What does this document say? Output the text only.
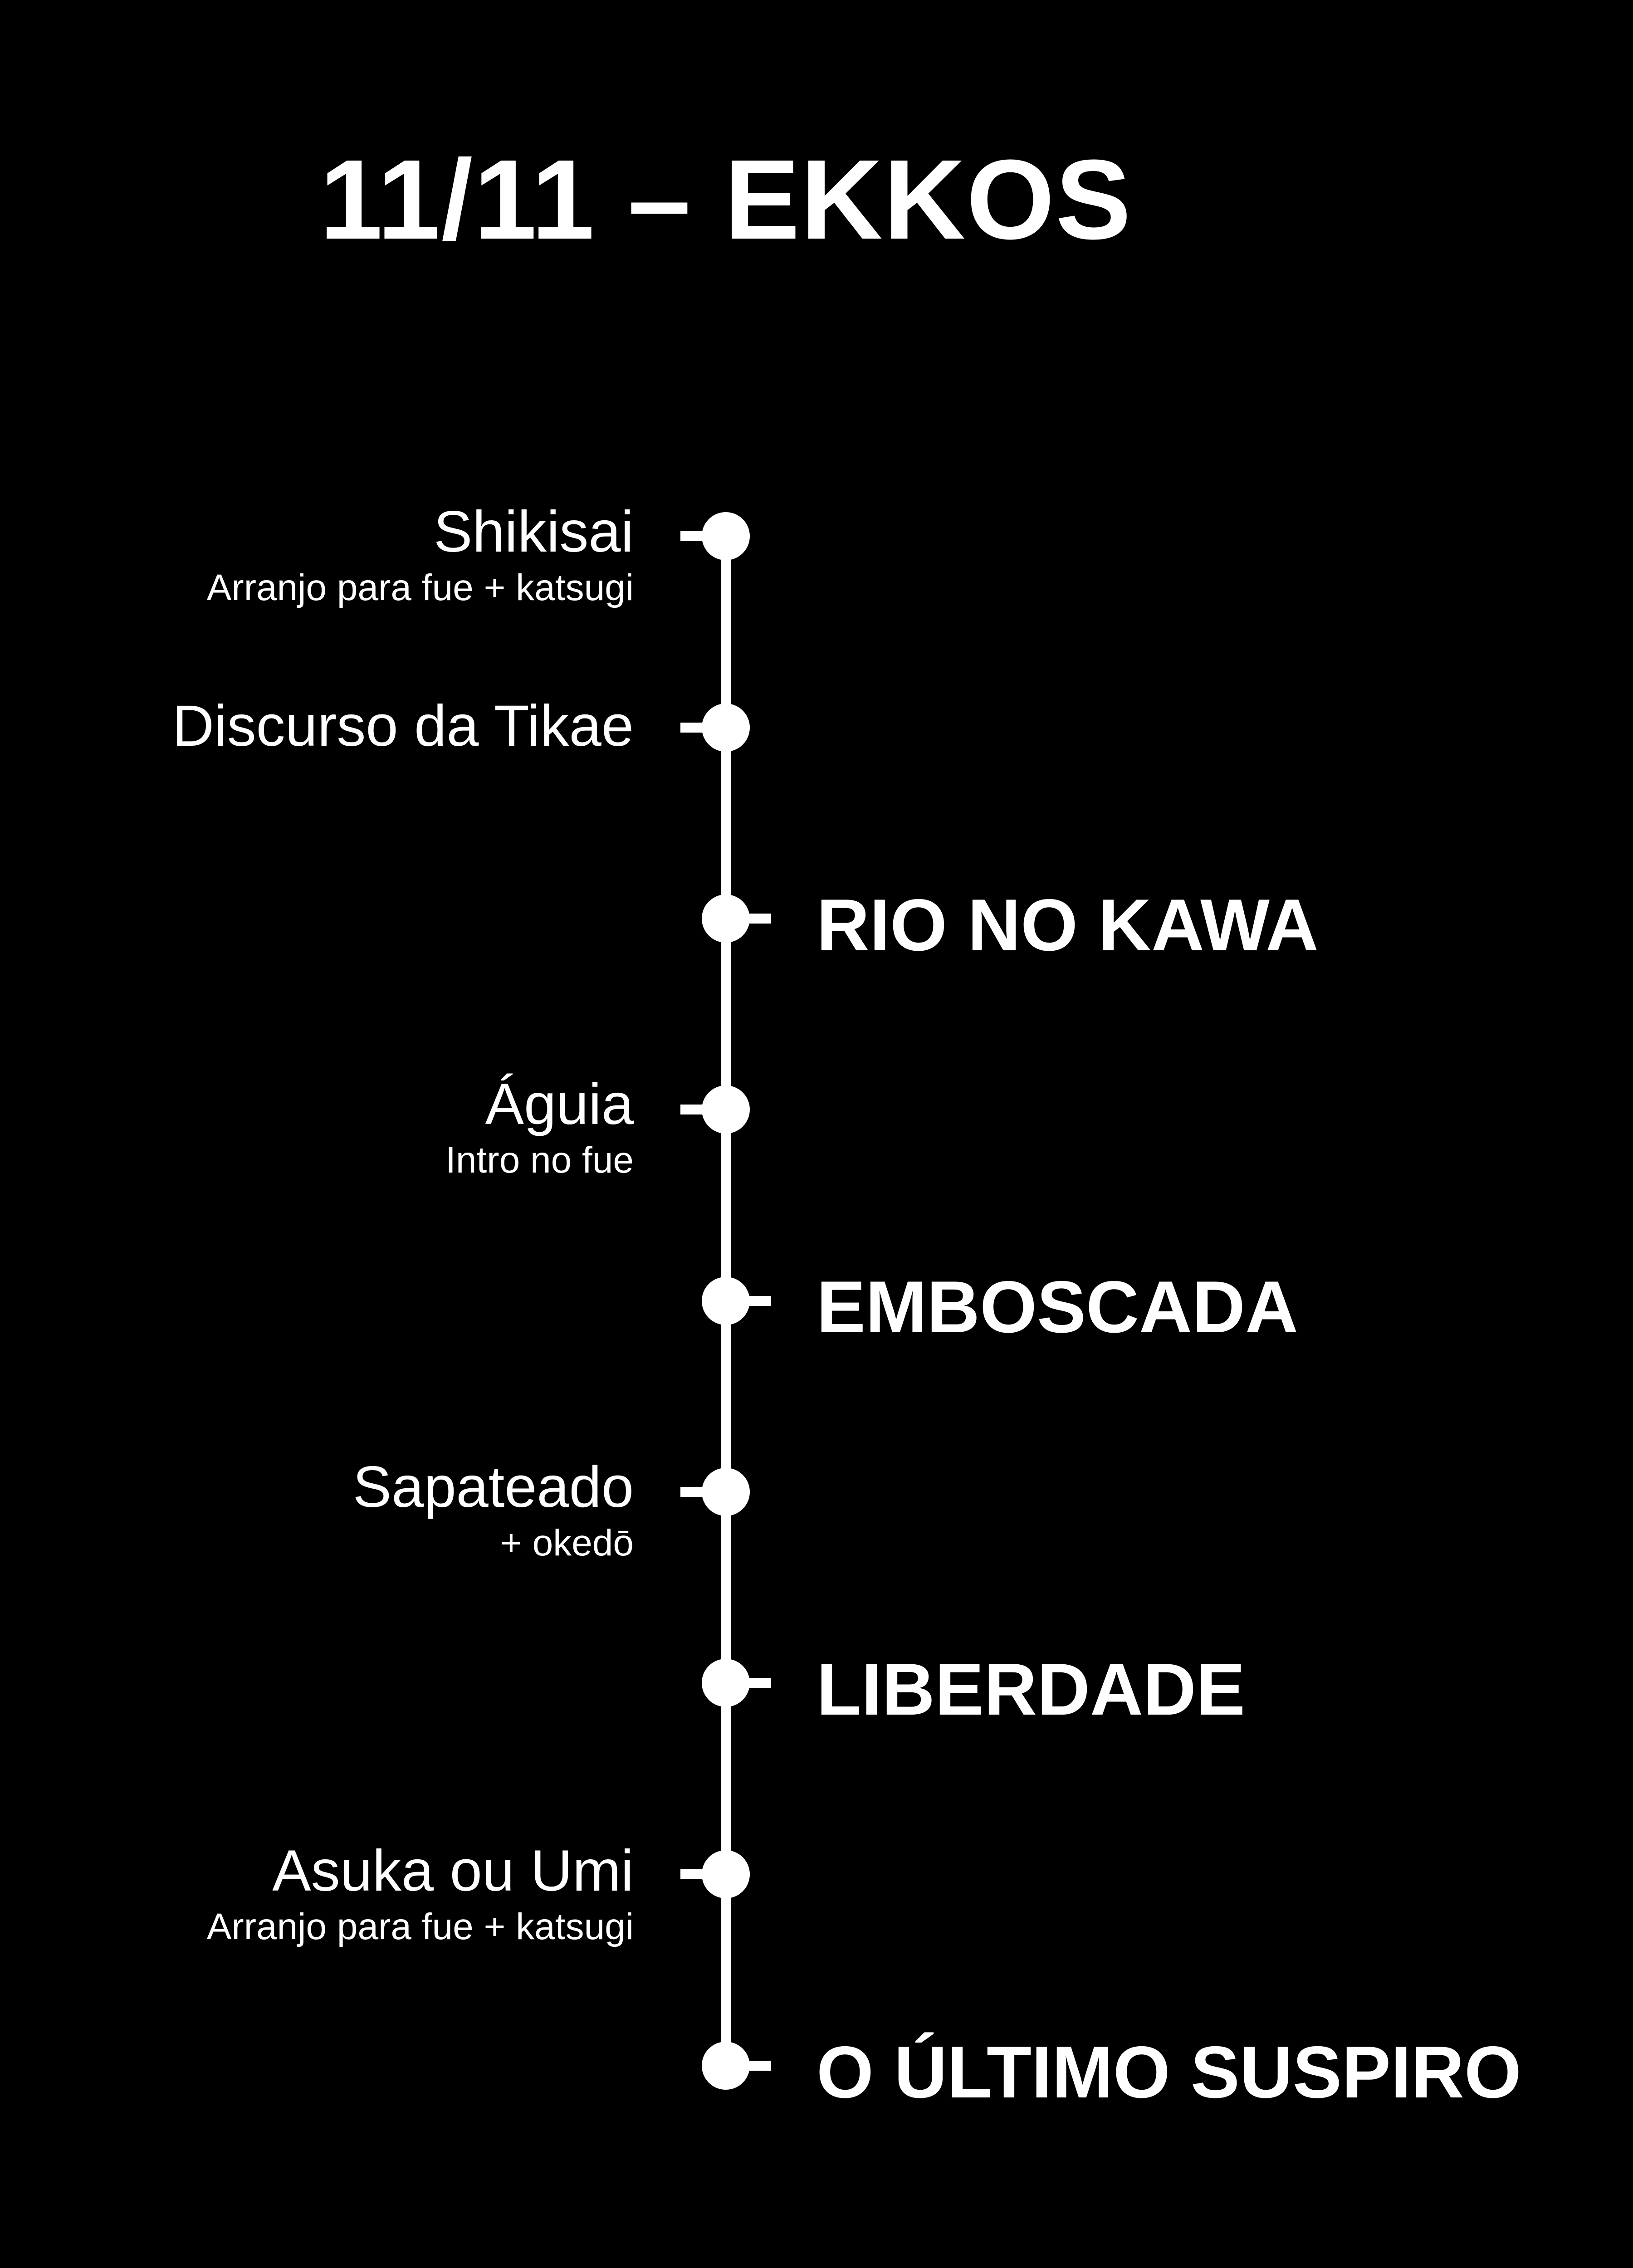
11/11 – EKKOS
Shikisai
Arranjo para fue + katsugi
Discurso da Tikae
RIO NO KAWA
Águia
Intro no fue
EMBOSCADA
Sapateado
+ okedō
LIBERDADE
Asuka ou Umi
Arranjo para fue + katsugi
O ÚLTIMO SUSPIRO
